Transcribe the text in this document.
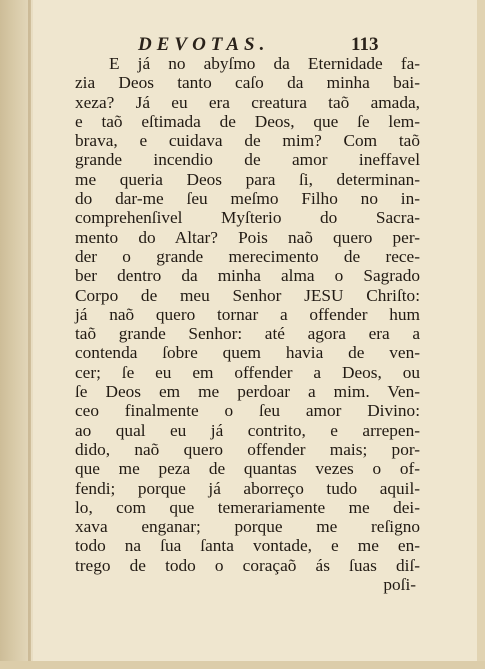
DEVOTAS.	113
E já no abyſmo da Eternidade fa-
zia Deos tanto caſo da minha bai-
xeza? Já eu era creatura taõ amada,
e taõ eſtimada de Deos, que ſe lem-
brava, e cuidava de mim? Com taõ
grande incendio de amor ineffavel
me queria Deos para ſi, determinan-
do dar-me ſeu meſmo Filho no in-
comprehenſivel Myſterio do Sacra-
mento do Altar? Pois naõ quero per-
der o grande merecimento de rece-
ber dentro da minha alma o Sagrado
Corpo de meu Senhor JESU Chriſto:
já naõ quero tornar a offender hum
taõ grande Senhor: até agora era a
contenda ſobre quem havia de ven-
cer; ſe eu em offender a Deos, ou
ſe Deos em me perdoar a mim. Ven-
ceo finalmente o ſeu amor Divino:
ao qual eu já contrito, e arrepen-
dido, naõ quero offender mais; por-
que me peza de quantas vezes o of-
fendi; porque já aborreço tudo aquil-
lo, com que temerariamente me dei-
xava enganar; porque me reſigno
todo na ſua ſanta vontade, e me en-
trego de todo o coraçaõ ás ſuas diſ-
poſi-
